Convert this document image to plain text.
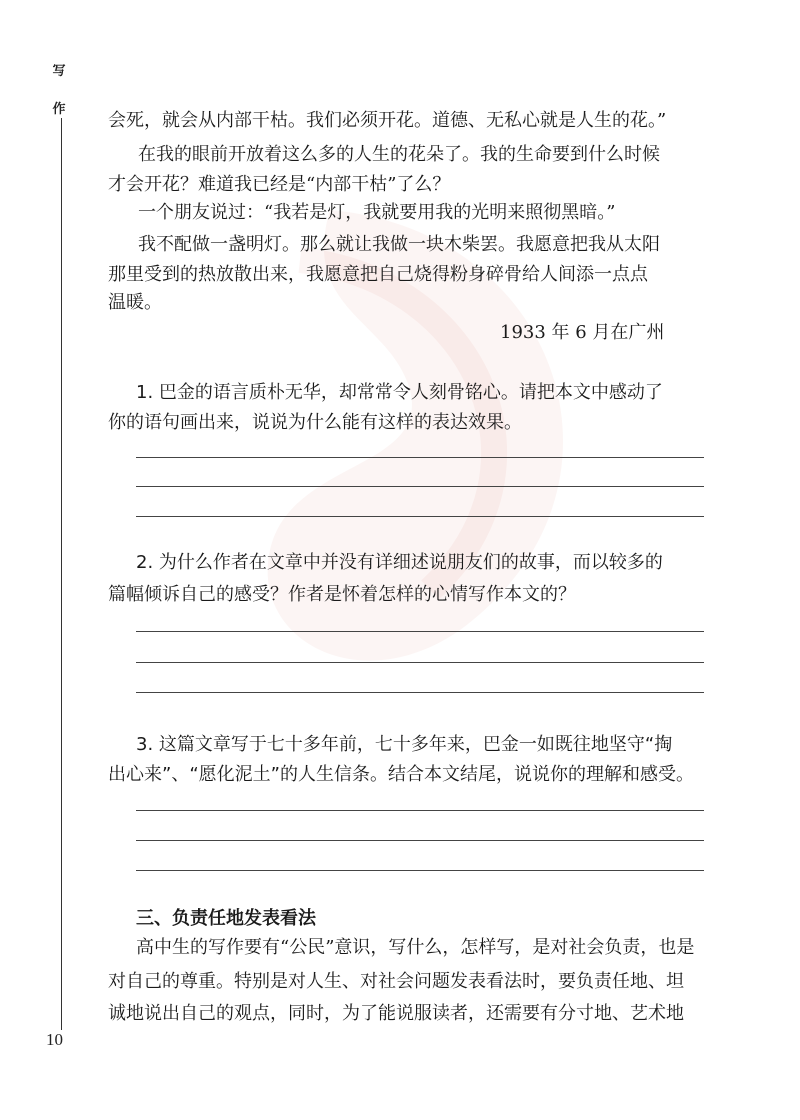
写
作
10
会死，就会从内部干枯。我们必须开花。道德、无私心就是人生的花。”
在我的眼前开放着这么多的人生的花朵了。我的生命要到什么时候
才会开花？难道我已经是“内部干枯”了么？
一个朋友说过：“我若是灯，我就要用我的光明来照彻黑暗。”
我不配做一盏明灯。那么就让我做一块木柴罢。我愿意把我从太阳
那里受到的热放散出来，我愿意把自己烧得粉身碎骨给人间添一点点
温暖。
1933 年 6 月在广州
1. 巴金的语言质朴无华，却常常令人刻骨铭心。请把本文中感动了
你的语句画出来，说说为什么能有这样的表达效果。
2. 为什么作者在文章中并没有详细述说朋友们的故事，而以较多的
篇幅倾诉自己的感受？作者是怀着怎样的心情写作本文的？
3. 这篇文章写于七十多年前，七十多年来，巴金一如既往地坚守“掏
出心来”、“愿化泥土”的人生信条。结合本文结尾，说说你的理解和感受。
三、负责任地发表看法
高中生的写作要有“公民”意识，写什么，怎样写，是对社会负责，也是
对自己的尊重。特别是对人生、对社会问题发表看法时，要负责任地、坦
诚地说出自己的观点，同时，为了能说服读者，还需要有分寸地、艺术地
